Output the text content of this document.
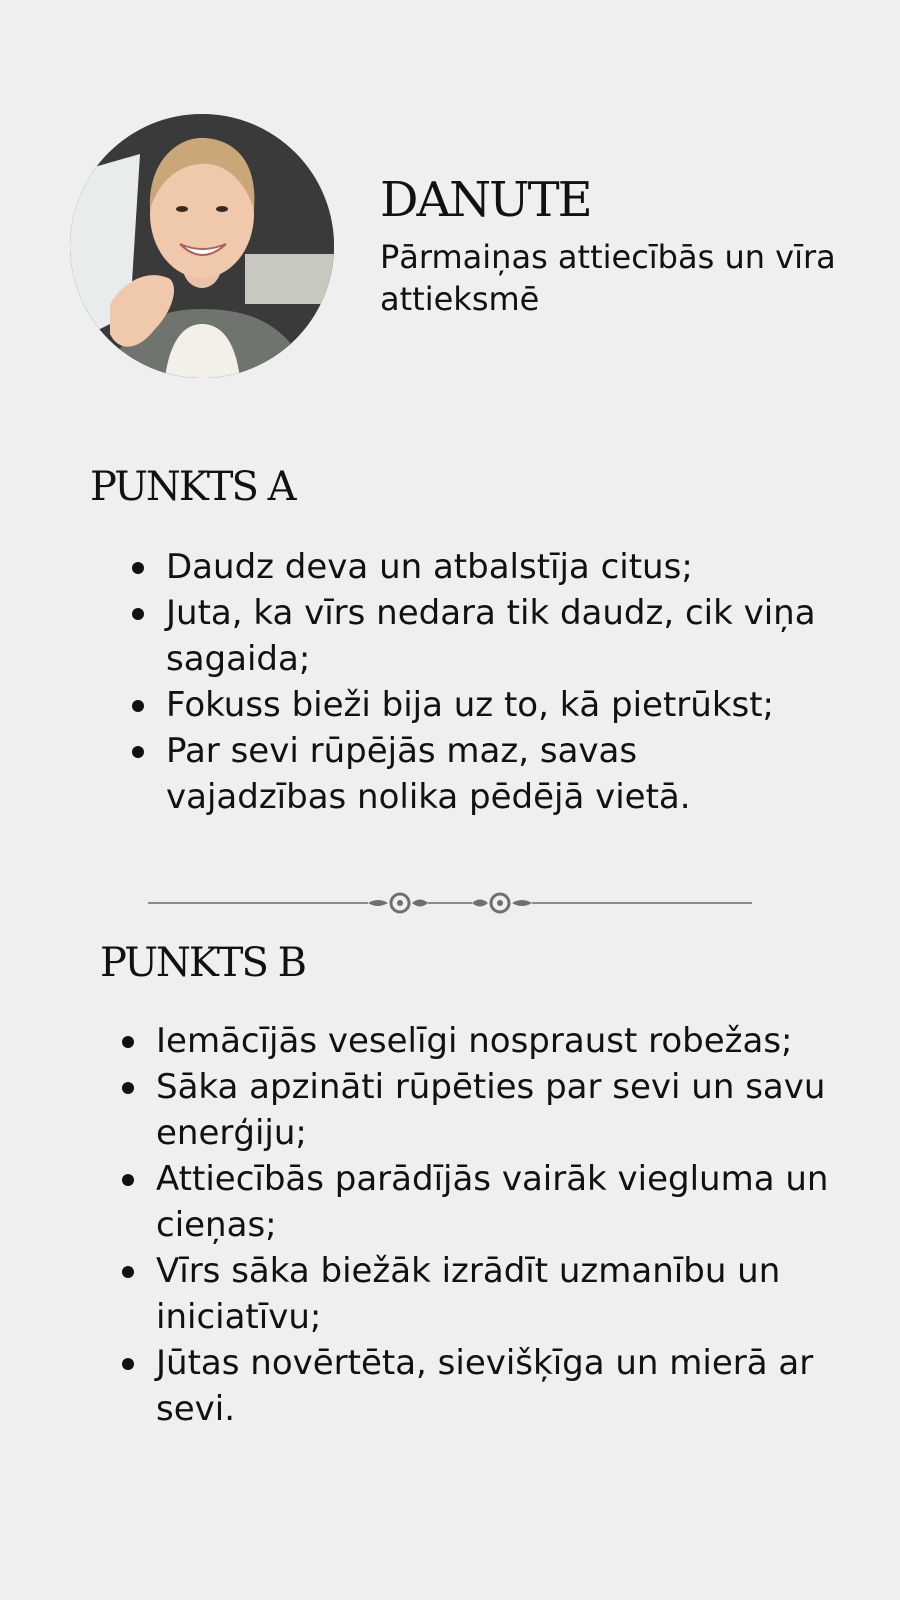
DANUTE

Pārmaiņas attiecībās un vīra attieksmē

PUNKTS A
Daudz deva un atbalstīja citus;
Juta, ka vīrs nedara tik daudz, cik viņa sagaida;
Fokuss bieži bija uz to, kā pietrūkst;
Par sevi rūpējās maz, savas vajadzības nolika pēdējā vietā.
PUNKTS B
Iemācījās veselīgi nospraust robežas;
Sāka apzināti rūpēties par sevi un savu enerģiju;
Attiecībās parādījās vairāk viegluma un cieņas;
Vīrs sāka biežāk izrādīt uzmanību un iniciatīvu;
Jūtas novērtēta, sievišķīga un mierā ar sevi.
